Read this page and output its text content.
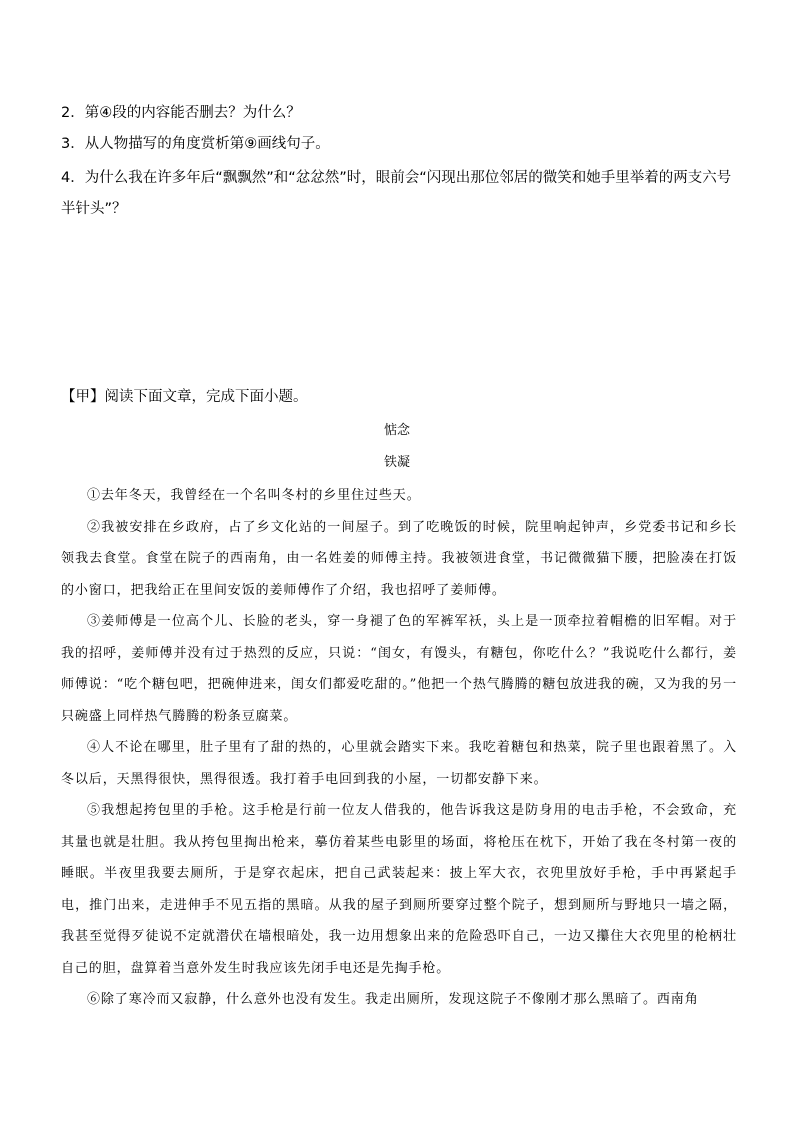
2．第④段的内容能否删去？为什么？
3．从人物描写的角度赏析第⑨画线句子。
4．为什么我在许多年后“飘飘然”和“忿忿然”时，眼前会“闪现出那位邻居的微笑和她手里举着的两支六号半针头”？
【甲】阅读下面文章，完成下面小题。
惦念
铁凝

①去年冬天，我曾经在一个名叫冬村的乡里住过些天。

②我被安排在乡政府，占了乡文化站的一间屋子。到了吃晚饭的时候，院里响起钟声，乡党委书记和乡长领我去食堂。食堂在院子的西南角，由一名姓姜的师傅主持。我被领进食堂，书记微微猫下腰，把脸凑在打饭的小窗口，把我给正在里间安饭的姜师傅作了介绍，我也招呼了姜师傅。

③姜师傅是一位高个儿、长脸的老头，穿一身褪了色的军裤军袄，头上是一顶牵拉着帽檐的旧军帽。对于我的招呼，姜师傅并没有过于热烈的反应，只说：“闺女，有馒头，有糖包，你吃什么？”我说吃什么都行，姜师傅说：“吃个糖包吧，把碗伸进来，闺女们都爱吃甜的。”他把一个热气腾腾的糖包放进我的碗，又为我的另一只碗盛上同样热气腾腾的粉条豆腐菜。

④人不论在哪里，肚子里有了甜的热的，心里就会踏实下来。我吃着糖包和热菜，院子里也跟着黑了。入冬以后，天黑得很快，黑得很透。我打着手电回到我的小屋，一切都安静下来。

⑤我想起挎包里的手枪。这手枪是行前一位友人借我的，他告诉我这是防身用的电击手枪，不会致命，充其量也就是壮胆。我从挎包里掏出枪来，摹仿着某些电影里的场面，将枪压在枕下，开始了我在冬村第一夜的睡眠。半夜里我要去厕所，于是穿衣起床，把自己武装起来：披上军大衣，衣兜里放好手枪，手中再紧起手电，推门出来，走进伸手不见五指的黑暗。从我的屋子到厕所要穿过整个院子，想到厕所与野地只一墙之隔，我甚至觉得歹徒说不定就潜伏在墙根暗处，我一边用想象出来的危险恐吓自己，一边又攥住大衣兜里的枪柄壮自己的胆，盘算着当意外发生时我应该先闭手电还是先掏手枪。

⑥除了寒冷而又寂静，什么意外也没有发生。我走出厕所，发现这院子不像刚才那么黑暗了。西南角
